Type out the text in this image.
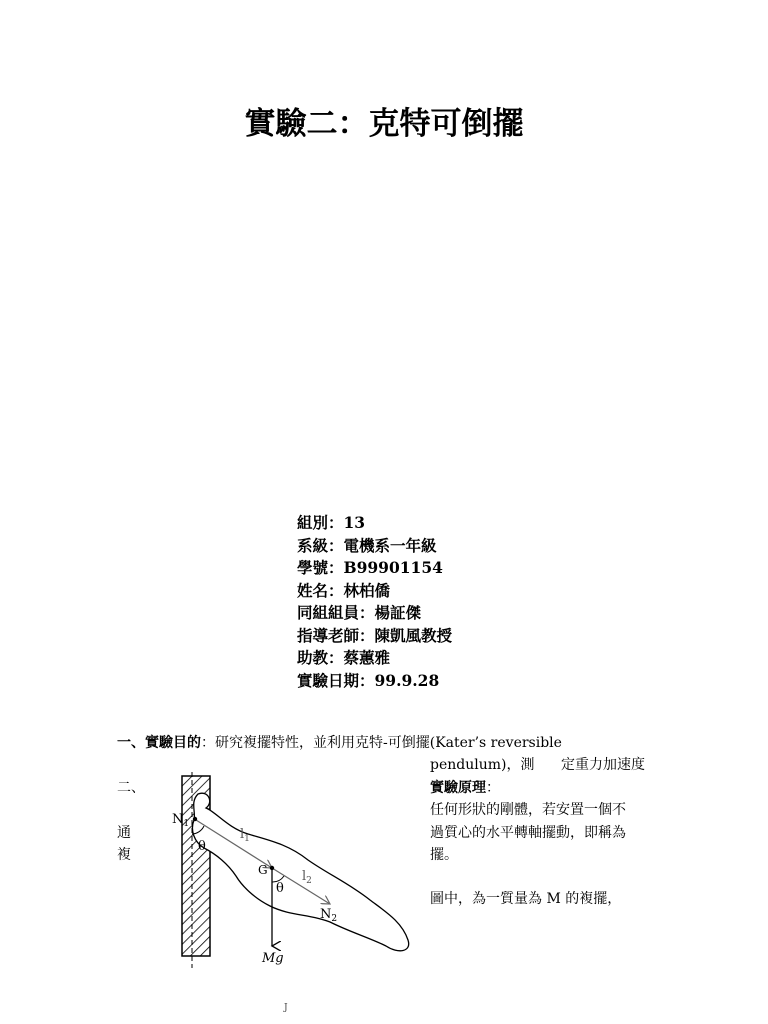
實驗二：克特可倒擺
組別：13
系級：電機系一年級
學號：B99901154
姓名：林柏僑
同組組員：楊証傑
指導老師：陳凱風教授
助教：蔡蕙雅
實驗日期：99.9.28
一、實驗目的：研究複擺特性，並利用克特-可倒擺(Kater’s reversible
pendulum)，測 定重力加速度
二、	實驗原理：
任何形狀的剛體，若安置一個不
過質心的水平轉軸擺動，即稱為
擺。
圖中，為一質量為 M 的複擺，
通
複
$N_1$
θ
$l_1$
G
θ
$l_2$
$N_2$
Mg
J
